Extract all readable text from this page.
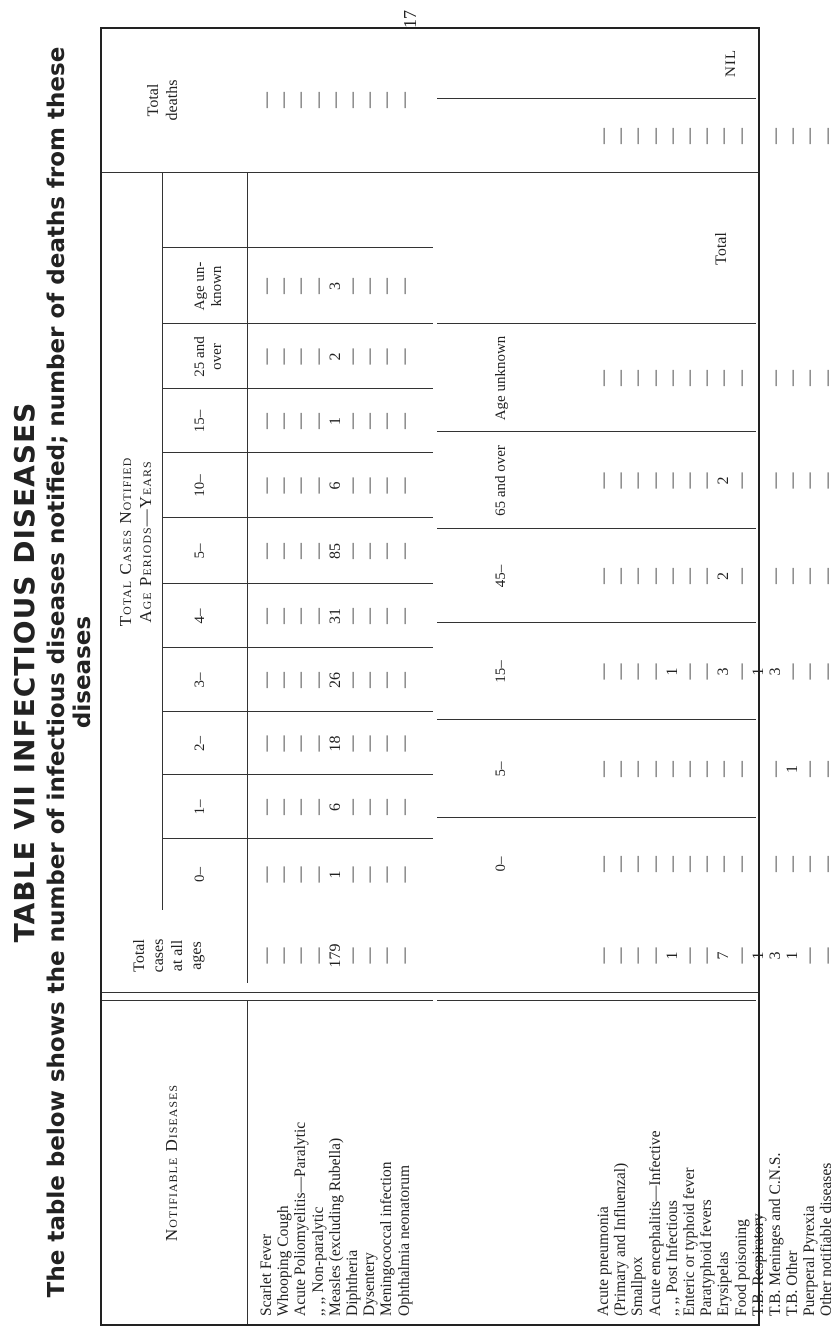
TABLE VII INFECTIOUS DISEASES The table below shows the number of infectious diseases notified; number of deaths from these diseases
Notifiable Diseases
Total cases at all ages
Total Cases Notified Age Periods—Years
0–
1–
2–
3–
4–
5–
10–
15–
25 and over
Age un- known
Total deaths
0–
5–
15–
45–
65 and over
Age unknown
Total
NIL
Scarlet Fever Whooping Cough Acute Poliomyelitis—Paralytic ,, ,, Non-paralytic Measles (excluding Rubella) Diphtheria Dysentery Meningococcal infection Ophthalmia neonatorum
—
—
—
—
—
—
—
—
—
—
—
—
—
—
—
—
—
—
—
—
—
—
—
—
—
—
—
—
—
—
—
—
—
—
—
—
—
—
—
—
—
—
—
—
—
—
—
—
179
1
6
18
26
31
85
6
1
2
3
—
—
—
—
—
—
—
—
—
—
—
—
—
—
—
—
—
—
—
—
—
—
—
—
—
—
—
—
—
—
—
—
—
—
—
—
—
—
—
—
—
—
—
—
—
—
—
—
—
Acute pneumonia (Primary and Influenzal) Smallpox Acute encephalitis—Infective ,, ,, Post Infectious Enteric or typhoid fever Paratyphoid fevers Erysipelas Food poisoning T.B. Respiratory T.B. Meninges and C.N.S. T.B. Other Puerperal Pyrexia Other notifiable diseases
—
—
—
—
—
—
—
—
—
—
—
—
—
—
—
—
—
—
—
—
—
—
—
—
—
—
—
—
—
—
—
—
1
—
—
1
—
—
—
—
—
—
—
—
—
—
—
—
—
—
—
—
—
—
—
—
7
—
—
3
2
2
—
—
—
—
—
—
—
—
—
—
1
—
—
1
—
—
—
—
3
—
—
3
—
—
—
—
1
—
1
—
—
—
—
—
—
—
—
—
—
—
—
—
—
—
—
—
—
—
—
—
17
